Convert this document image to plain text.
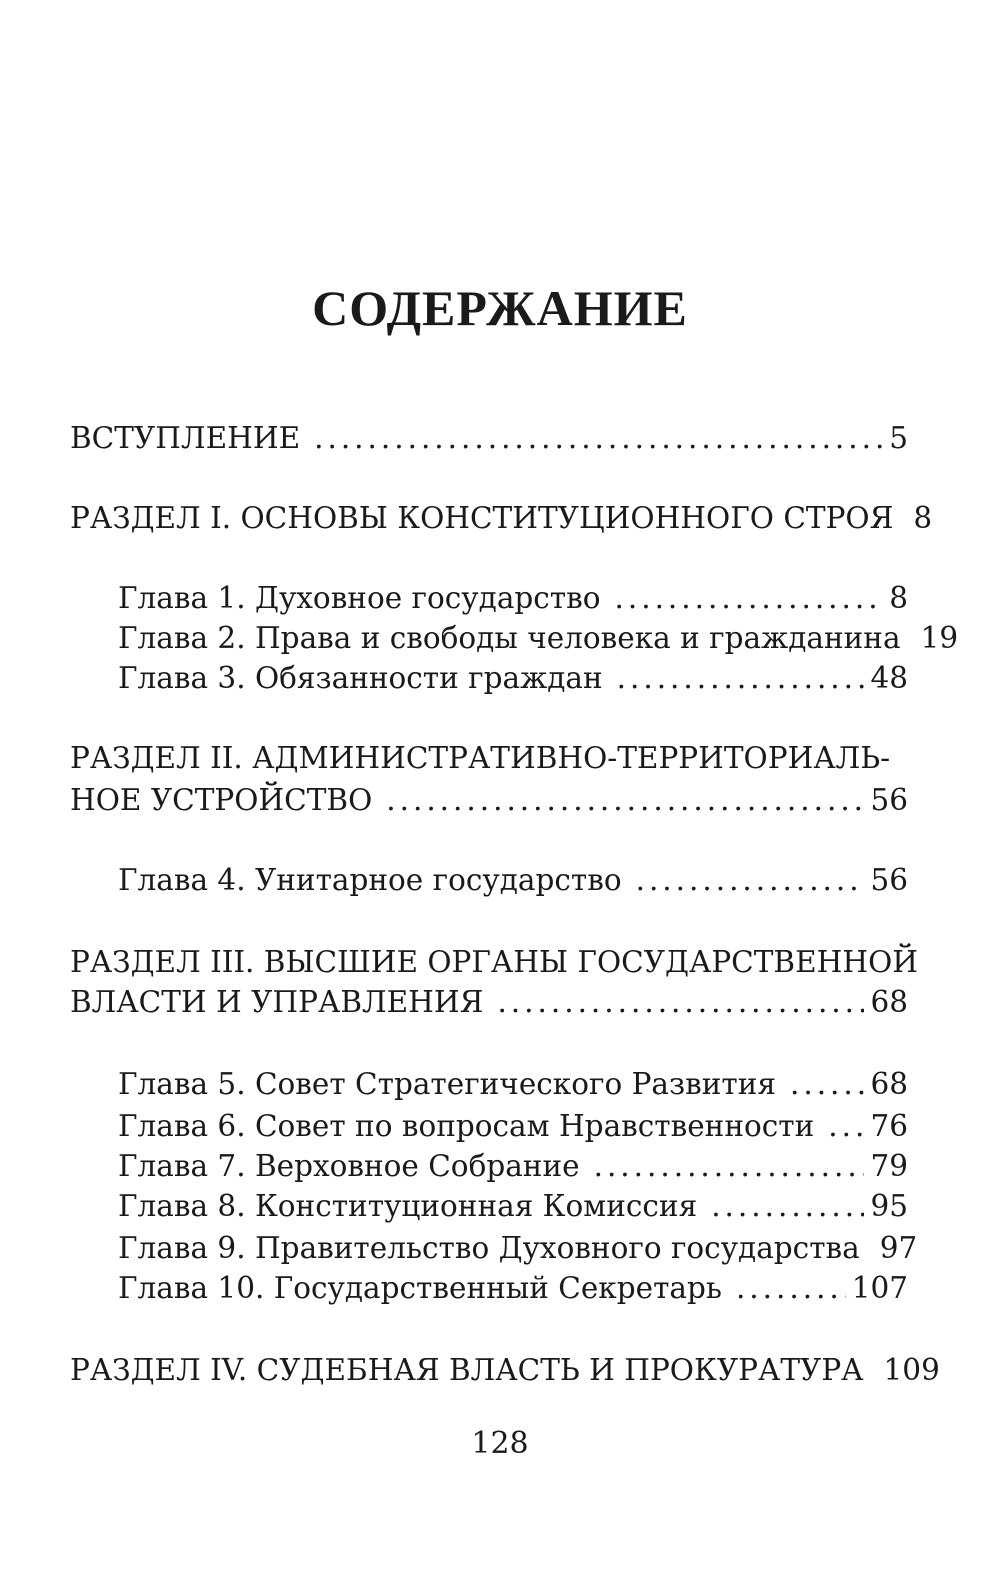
СОДЕРЖАНИЕ
ВСТУПЛЕНИЕ . . .	5
РАЗДЕЛ I. ОСНОВЫ КОНСТИТУЦИОННОГО СТРОЯ 8
Глава 1. Духовное государство . . .	8
Глава 2. Права и свободы человека и гражданина 19
Глава 3. Обязанности граждан . . .	48
РАЗДЕЛ II. АДМИНИСТРАТИВНО-ТЕРРИТОРИАЛЬ-
НОЕ УСТРОЙСТВО . . .	56
Глава 4. Унитарное государство . . .	56
РАЗДЕЛ III. ВЫСШИЕ ОРГАНЫ ГОСУДАРСТВЕННОЙ
ВЛАСТИ И УПРАВЛЕНИЯ . . .	68
Глава 5. Совет Стратегического Развития . . .	68
Глава 6. Совет по вопросам Нравственности . . . 76
Глава 7. Верховное Собрание . . .	79
Глава 8. Конституционная Комиссия . . .	95
Глава 9. Правительство Духовного государства 97
Глава 10. Государственный Секретарь . . .	107
РАЗДЕЛ IV. СУДЕБНАЯ ВЛАСТЬ И ПРОКУРАТУРА 109
128
